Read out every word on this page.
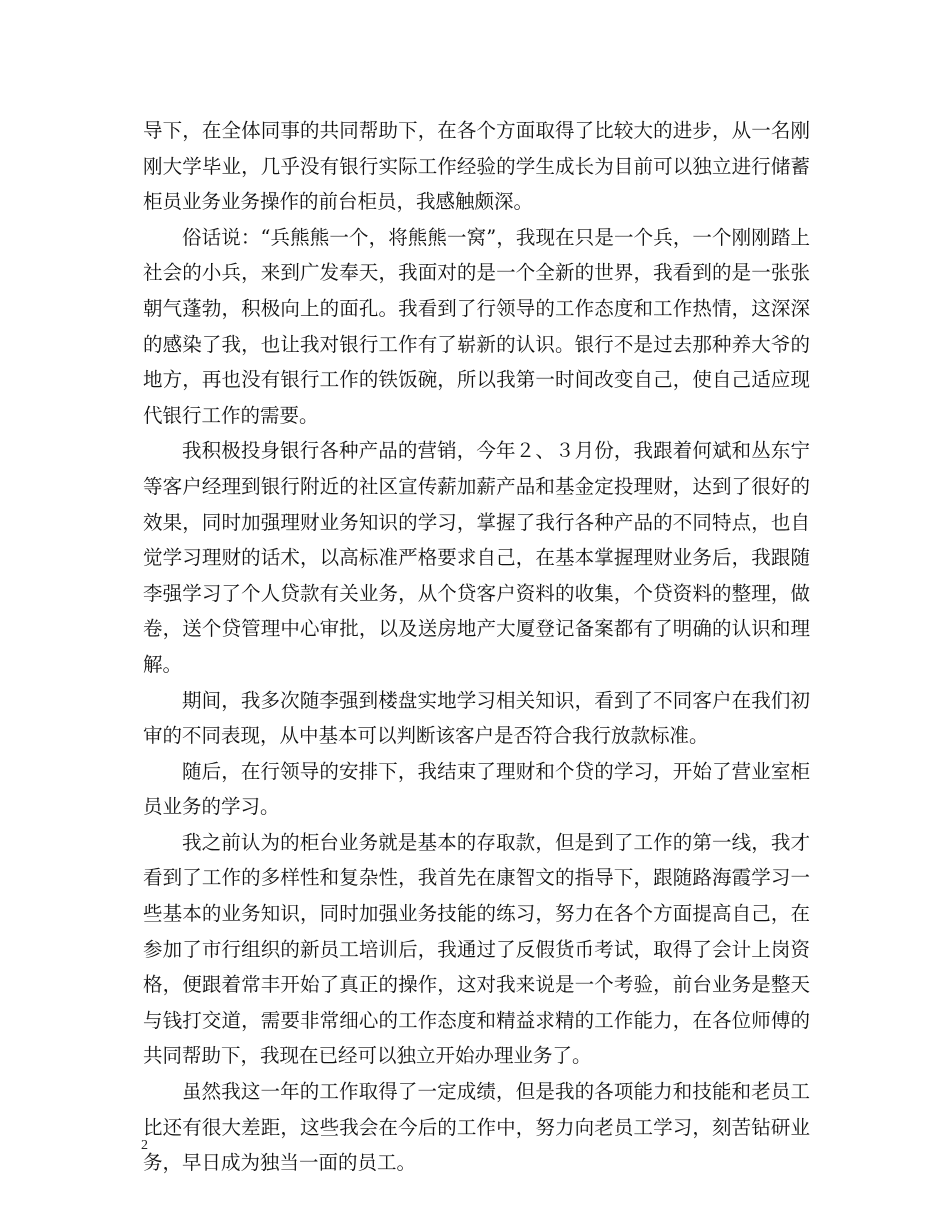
导下，在全体同事的共同帮助下，在各个方面取得了比较大的进步，从一名刚刚大学毕业，几乎没有银行实际工作经验的学生成长为目前可以独立进行储蓄柜员业务业务操作的前台柜员，我感触颇深。

俗话说：“兵熊熊一个，将熊熊一窝”，我现在只是一个兵，一个刚刚踏上社会的小兵，来到广发奉天，我面对的是一个全新的世界，我看到的是一张张朝气蓬勃，积极向上的面孔。我看到了行领导的工作态度和工作热情，这深深的感染了我，也让我对银行工作有了崭新的认识。银行不是过去那种养大爷的地方，再也没有银行工作的铁饭碗，所以我第一时间改变自己，使自己适应现代银行工作的需要。

我积极投身银行各种产品的营销，今年２、３月份，我跟着何斌和丛东宁等客户经理到银行附近的社区宣传薪加薪产品和基金定投理财，达到了很好的效果，同时加强理财业务知识的学习，掌握了我行各种产品的不同特点，也自觉学习理财的话术，以高标准严格要求自己，在基本掌握理财业务后，我跟随李强学习了个人贷款有关业务，从个贷客户资料的收集，个贷资料的整理，做卷，送个贷管理中心审批，以及送房地产大厦登记备案都有了明确的认识和理解。

期间，我多次随李强到楼盘实地学习相关知识，看到了不同客户在我们初审的不同表现，从中基本可以判断该客户是否符合我行放款标准。

随后，在行领导的安排下，我结束了理财和个贷的学习，开始了营业室柜员业务的学习。

我之前认为的柜台业务就是基本的存取款，但是到了工作的第一线，我才看到了工作的多样性和复杂性，我首先在康智文的指导下，跟随路海霞学习一些基本的业务知识，同时加强业务技能的练习，努力在各个方面提高自己，在参加了市行组织的新员工培训后，我通过了反假货币考试，取得了会计上岗资格，便跟着常丰开始了真正的操作，这对我来说是一个考验，前台业务是整天与钱打交道，需要非常细心的工作态度和精益求精的工作能力，在各位师傅的共同帮助下，我现在已经可以独立开始办理业务了。

虽然我这一年的工作取得了一定成绩，但是我的各项能力和技能和老员工比还有很大差距，这些我会在今后的工作中，努力向老员工学习，刻苦钻研业务，早日成为独当一面的员工。

2
